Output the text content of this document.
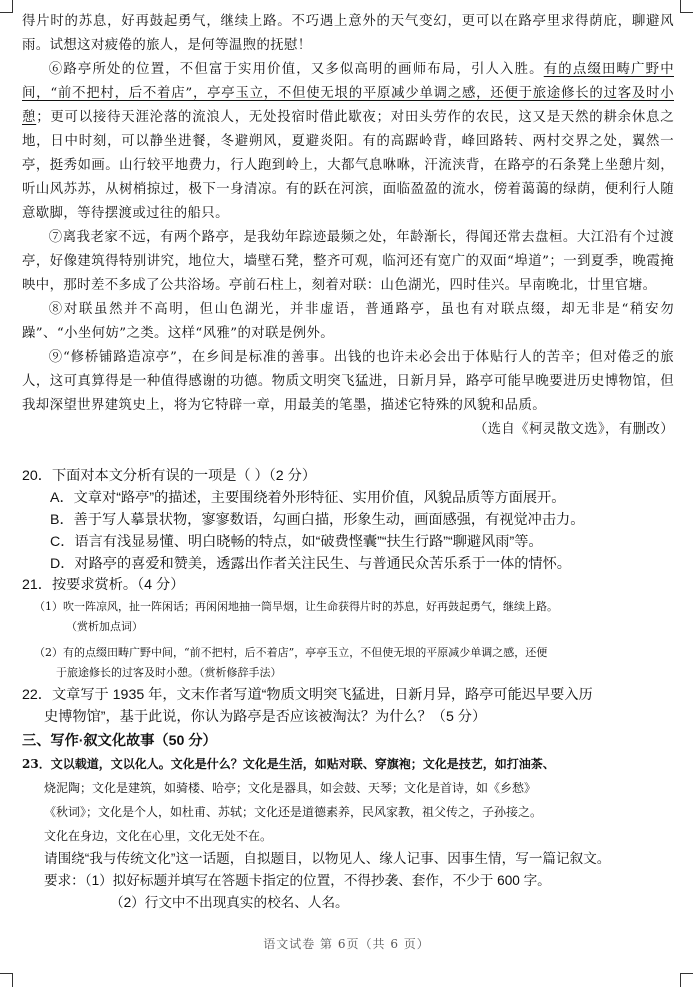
得片时的苏息，好再鼓起勇气，继续上路。不巧遇上意外的天气变幻，更可以在路亭里求得荫庇，聊避风雨。试想这对疲倦的旅人，是何等温煦的抚慰！

⑥路亭所处的位置，不但富于实用价值，又多似高明的画师布局，引人入胜。有的点缀田畴广野中间，“前不把村，后不着店”，亭亭玉立，不但使无垠的平原减少单调之感，还便于旅途修长的过客及时小憩；更可以接待天涯沦落的流浪人，无处投宿时借此歇夜；对田头劳作的农民，这又是天然的耕余休息之地，日中时刻，可以静坐进餐，冬避朔风，夏避炎阳。有的高踞岭背，峰回路转、两村交界之处，翼然一亭，挺秀如画。山行较平地费力，行人跑到岭上，大都气息咻咻，汗流浃背，在路亭的石条凳上坐憩片刻，听山风苏苏，从树梢掠过，极下一身清凉。有的跃在河滨，面临盈盈的流水，傍着蔼蔼的绿荫，便利行人随意歇脚，等待摆渡或过往的船只。

⑦离我老家不远，有两个路亭，是我幼年踪迹最频之处，年龄渐长，得闻还常去盘桓。大江沿有个过渡亭，好像建筑得特别讲究，地位大，墙壁石凳，整齐可观，临河还有宽广的双面“埠道”；一到夏季，晚霞掩映中，那时差不多成了公共浴场。亭前石柱上，刻着对联：山色湖光，四时佳兴。早南晚北，廿里官塘。

⑧对联虽然并不高明，但山色湖光，并非虚语，普通路亭，虽也有对联点缀，却无非是“稍安勿躁”、“小坐何妨”之类。这样“风雅”的对联是例外。

⑨“修桥铺路造凉亭”，在乡间是标准的善事。出钱的也许未必会出于体贴行人的苦辛；但对倦乏的旅人，这可真算得是一种值得感谢的功德。物质文明突飞猛进，日新月异，路亭可能早晚要进历史博物馆，但我却深望世界建筑史上，将为它特辟一章，用最美的笔墨，描述它特殊的风貌和品质。
（选自《柯灵散文选》，有删改）

20．下面对本文分析有误的一项是（ ）（2 分）
A．文章对“路亭”的描述，主要围绕着外形特征、实用价值，风貌品质等方面展开。
B．善于写人摹景状物，寥寥数语，勾画白描，形象生动，画面感强，有视觉冲击力。
C．语言有浅显易懂、明白晓畅的特点，如“破费悭囊”“扶生行路”“聊避风雨”等。
D．对路亭的喜爱和赞美，透露出作者关注民生、与普通民众苦乐系于一体的情怀。
21．按要求赏析。（4 分）
（1）吹一阵凉风，扯一阵闲话；再闲闲地抽一筒旱烟，让生命获得片时的苏息，好再鼓起勇气，继续上路。
（赏析加点词）
（2）有的点缀田畴广野中间，“前不把村，后不着店”，亭亭玉立，不但使无垠的平原减少单调之感，还便
于旅途修长的过客及时小憩。（赏析修辞手法）
22．文章写于 1935 年，文末作者写道“物质文明突飞猛进，日新月异，路亭可能迟早要入历
史博物馆”，基于此说，你认为路亭是否应该被淘汰？为什么？（5 分）
三、写作·叙文化故事（50 分）
23．文以载道，文以化人。文化是什么？文化是生活，如贴对联、穿旗袍；文化是技艺，如打油茶、
烧泥陶；文化是建筑，如骑楼、哈亭；文化是器具，如会鼓、天琴；文化是首诗，如《乡愁》
《秋词》；文化是个人，如杜甫、苏轼；文化还是道德素养，民风家教，祖父传之，子孙接之。
文化在身边，文化在心里，文化无处不在。
请围绕“我与传统文化”这一话题，自拟题目，以物见人、缘人记事、因事生情，写一篇记叙文。
要求：（1）拟好标题并填写在答题卡指定的位置，不得抄袭、套作，不少于 600 字。
（2）行文中不出现真实的校名、人名。
语文试卷 第 6页（共 6 页）
